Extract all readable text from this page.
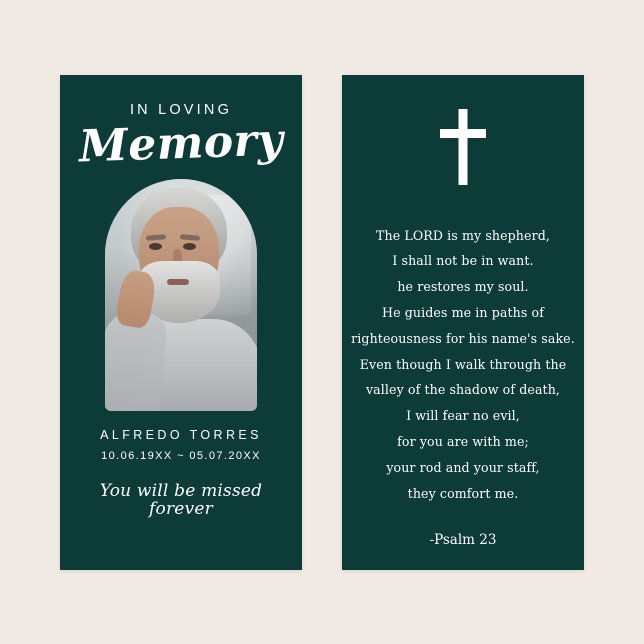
IN LOVING
Memory
ALFREDO TORRES
10.06.19XX ~ 05.07.20XX
You will be missed forever
The LORD is my shepherd,
I shall not be in want.
he restores my soul.
He guides me in paths of
righteousness for his name's sake.
Even though I walk through the
valley of the shadow of death,
I will fear no evil,
for you are with me;
your rod and your staff,
they comfort me.
-Psalm 23
